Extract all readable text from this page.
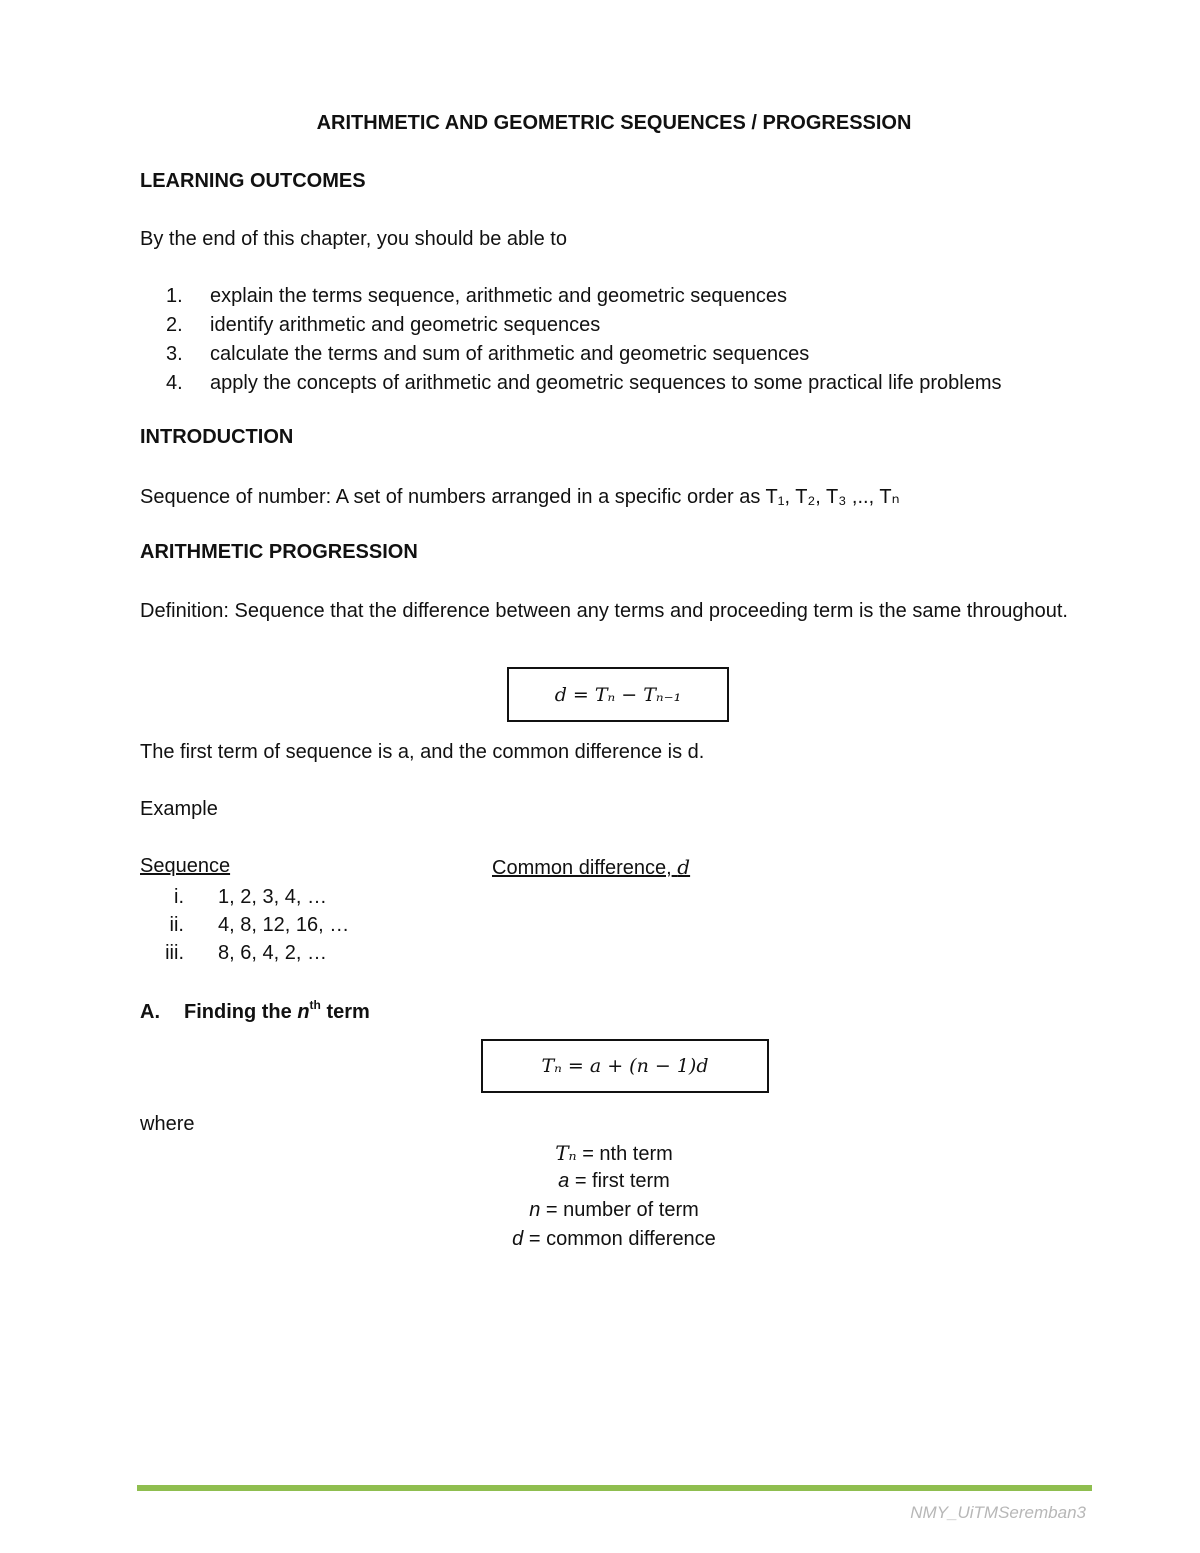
ARITHMETIC AND GEOMETRIC SEQUENCES / PROGRESSION
LEARNING OUTCOMES
By the end of this chapter, you should be able to
1. explain the terms sequence, arithmetic and geometric sequences
2. identify arithmetic and geometric sequences
3. calculate the terms and sum of arithmetic and geometric sequences
4. apply the concepts of arithmetic and geometric sequences to some practical life problems
INTRODUCTION
Sequence of number: A set of numbers arranged in a specific order as T₁, T₂, T₃ ,.., Tₙ
ARITHMETIC PROGRESSION
Definition: Sequence that the difference between any terms and proceeding term is the same throughout.
d = Tₙ − Tₙ₋₁
The first term of sequence is a, and the common difference is d.
Example
Sequence	Common difference, d
i. 1, 2, 3, 4, …
ii. 4, 8, 12, 16, …
iii. 8, 6, 4, 2, …
A. Finding the $n^{th}$ term
Tₙ = a + (n − 1)d
where
Tₙ = nth term
a = first term
n = number of term
d = common difference
NMY_UiTMSeremban3
